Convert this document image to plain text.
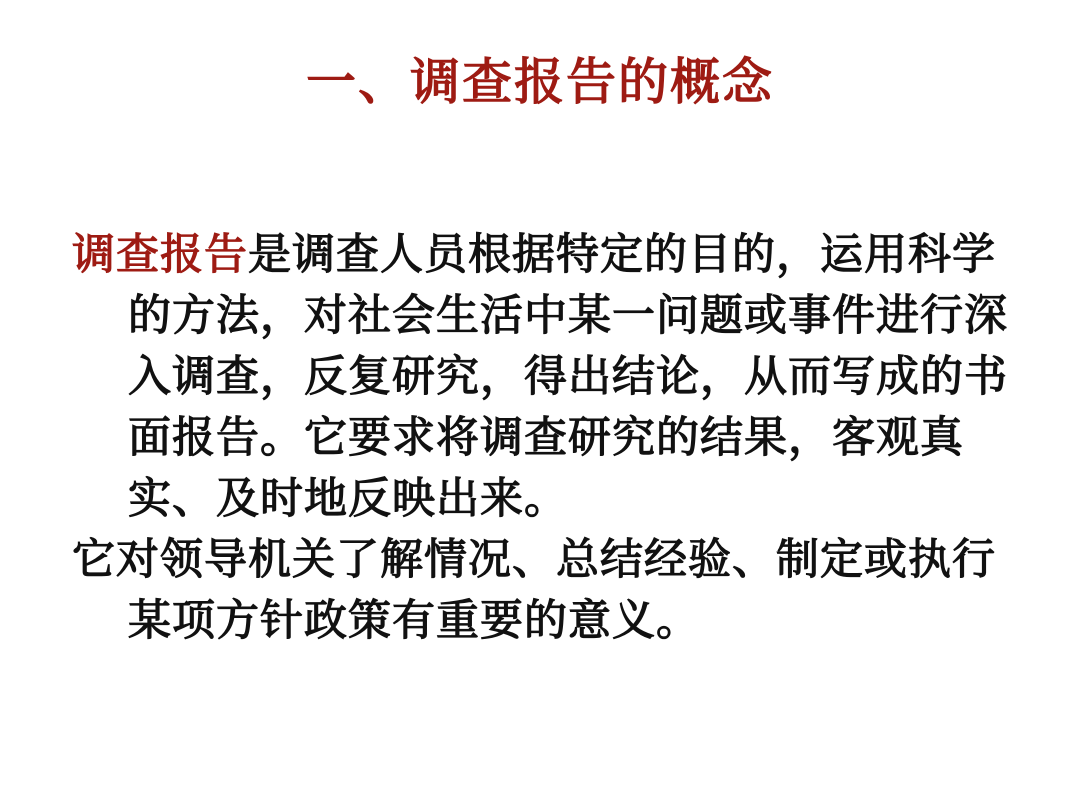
一、调查报告的概念

调查报告是调查人员根据特定的目的，运用科学的方法，对社会生活中某一问题或事件进行深入调查，反复研究，得出结论，从而写成的书面报告。它要求将调查研究的结果，客观真实、及时地反映出来。

它对领导机关了解情况、总结经验、制定或执行某项方针政策有重要的意义。
